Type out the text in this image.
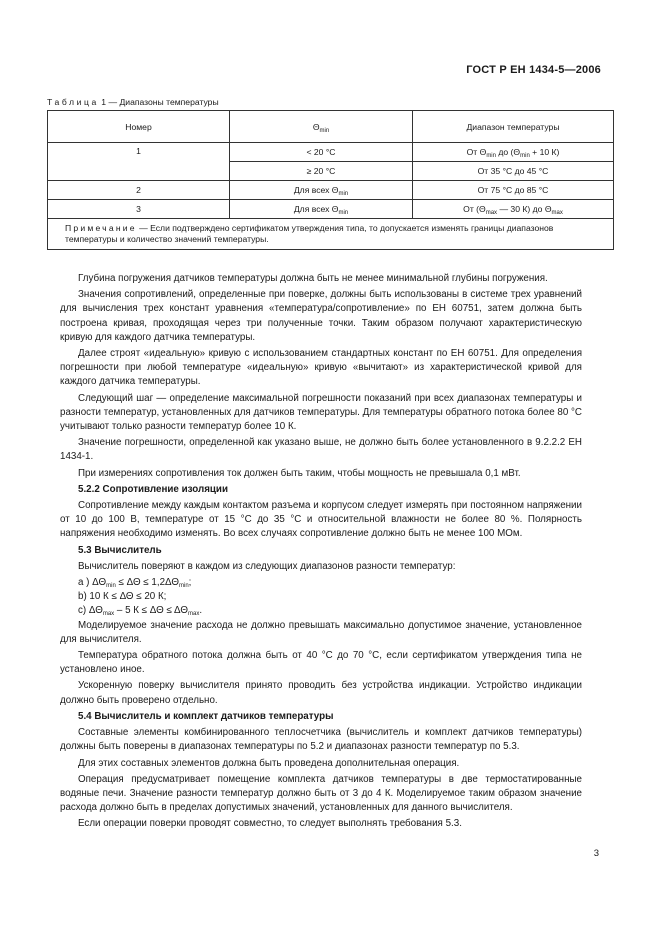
ГОСТ Р ЕН 1434-5—2006
Таблица 1 — Диапазоны температуры
Номер	$\Theta_{min}$	Диапазон температуры
1	< 20 °C	От $\Theta_{min}$ до ($\Theta_{min} + 10$ К)
	≥ 20 °C	От 35 °C до 45 °C
2	Для всех $\Theta_{min}$	От 75 °C до 85 °C
3	Для всех $\Theta_{min}$	От ($\Theta_{max}$ — 30 К) до $\Theta_{max}$
Примечание — Если подтверждено сертификатом утверждения типа, то допускается изменять границы диапазонов температуры и количество значений температуры.		

Глубина погружения датчиков температуры должна быть не менее минимальной глубины погружения.

Значения сопротивлений, определенные при поверке, должны быть использованы в системе трех уравнений для вычисления трех констант уравнения «температура/сопротивление» по ЕН 60751, затем должна быть построена кривая, проходящая через три полученные точки. Таким образом получают характеристическую кривую для каждого датчика температуры.

Далее строят «идеальную» кривую с использованием стандартных констант по ЕН 60751. Для определения погрешности при любой температуре «идеальную» кривую «вычитают» из характеристической кривой для каждого датчика температуры.

Следующий шаг — определение максимальной погрешности показаний при всех диапазонах температуры и разности температур, установленных для датчиков температуры. Для температуры обратного потока более 80 °C учитывают только разности температур более 10 К.

Значение погрешности, определенной как указано выше, не должно быть более установленного в 9.2.2.2 ЕН 1434-1.

При измерениях сопротивления ток должен быть таким, чтобы мощность не превышала 0,1 мВт.

5.2.2 Сопротивление изоляции

Сопротивление между каждым контактом разъема и корпусом следует измерять при постоянном напряжении от 10 до 100 В, температуре от 15 °C до 35 °C и относительной влажности не более 80 %. Полярность напряжения необходимо изменять. Во всех случаях сопротивление должно быть не менее 100 МОм.

5.3 Вычислитель

Вычислитель поверяют в каждом из следующих диапазонов разности температур:

а ) $\Delta\Theta_{min} \le \Delta\Theta \le 1,2\Delta\Theta_{min}$;

b) 10 К ≤ ΔΘ ≤ 20 К;

с) $\Delta\Theta_{max} - 5$ $К \le \Delta\Theta \le \Delta\Theta_{max}$.

Моделируемое значение расхода не должно превышать максимально допустимое значение, установленное для вычислителя.

Температура обратного потока должна быть от 40 °C до 70 °C, если сертификатом утверждения типа не установлено иное.

Ускоренную поверку вычислителя принято проводить без устройства индикации. Устройство индикации должно быть проверено отдельно.

5.4 Вычислитель и комплект датчиков температуры

Составные элементы комбинированного теплосчетчика (вычислитель и комплект датчиков температуры) должны быть поверены в диапазонах температуры по 5.2 и диапазонах разности температур по 5.3.

Для этих составных элементов должна быть проведена дополнительная операция.

Операция предусматривает помещение комплекта датчиков температуры в две термостатированные водяные печи. Значение разности температур должно быть от 3 до 4 К. Моделируемое таким образом значение расхода должно быть в пределах допустимых значений, установленных для данного вычислителя.

Если операции поверки проводят совместно, то следует выполнять требования 5.3.

3
